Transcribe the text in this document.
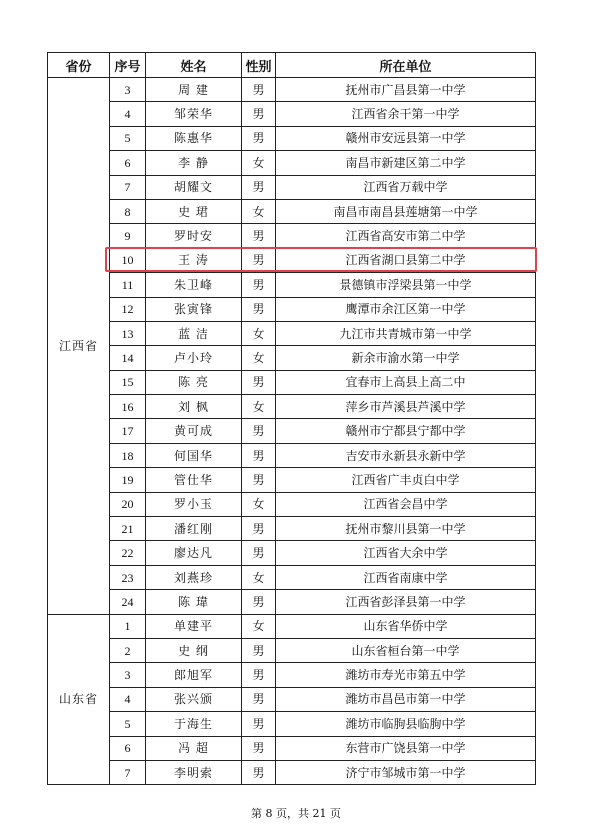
省份	序号	姓名	性别	所在单位
江西省	3	周 建	男	抚州市广昌县第一中学
	4	邹荣华	男	江西省余干第一中学
	5	陈惠华	男	赣州市安远县第一中学
	6	李 静	女	南昌市新建区第二中学
	7	胡耀文	男	江西省万载中学
	8	史 珺	女	南昌市南昌县莲塘第一中学
	9	罗时安	男	江西省高安市第二中学
	10	王 涛	男	江西省湖口县第二中学
	11	朱卫峰	男	景德镇市浮梁县第一中学
	12	张寅锋	男	鹰潭市余江区第一中学
	13	蓝 洁	女	九江市共青城市第一中学
	14	卢小玲	女	新余市渝水第一中学
	15	陈 亮	男	宜春市上高县上高二中
	16	刘 枫	女	萍乡市芦溪县芦溪中学
	17	黄可成	男	赣州市宁都县宁都中学
	18	何国华	男	吉安市永新县永新中学
	19	管仕华	男	江西省广丰贞白中学
	20	罗小玉	女	江西省会昌中学
	21	潘红刚	男	抚州市黎川县第一中学
	22	廖达凡	男	江西省大余中学
	23	刘燕珍	女	江西省南康中学
	24	陈 瑋	男	江西省彭泽县第一中学
山东省	1	单建平	女	山东省华侨中学
	2	史 纲	男	山东省桓台第一中学
	3	郎旭军	男	潍坊市寿光市第五中学
	4	张兴颁	男	潍坊市昌邑市第一中学
	5	于海生	男	潍坊市临朐县临朐中学
	6	冯 超	男	东营市广饶县第一中学
	7	李明索	男	济宁市邹城市第一中学
第 8 页，共 21 页
